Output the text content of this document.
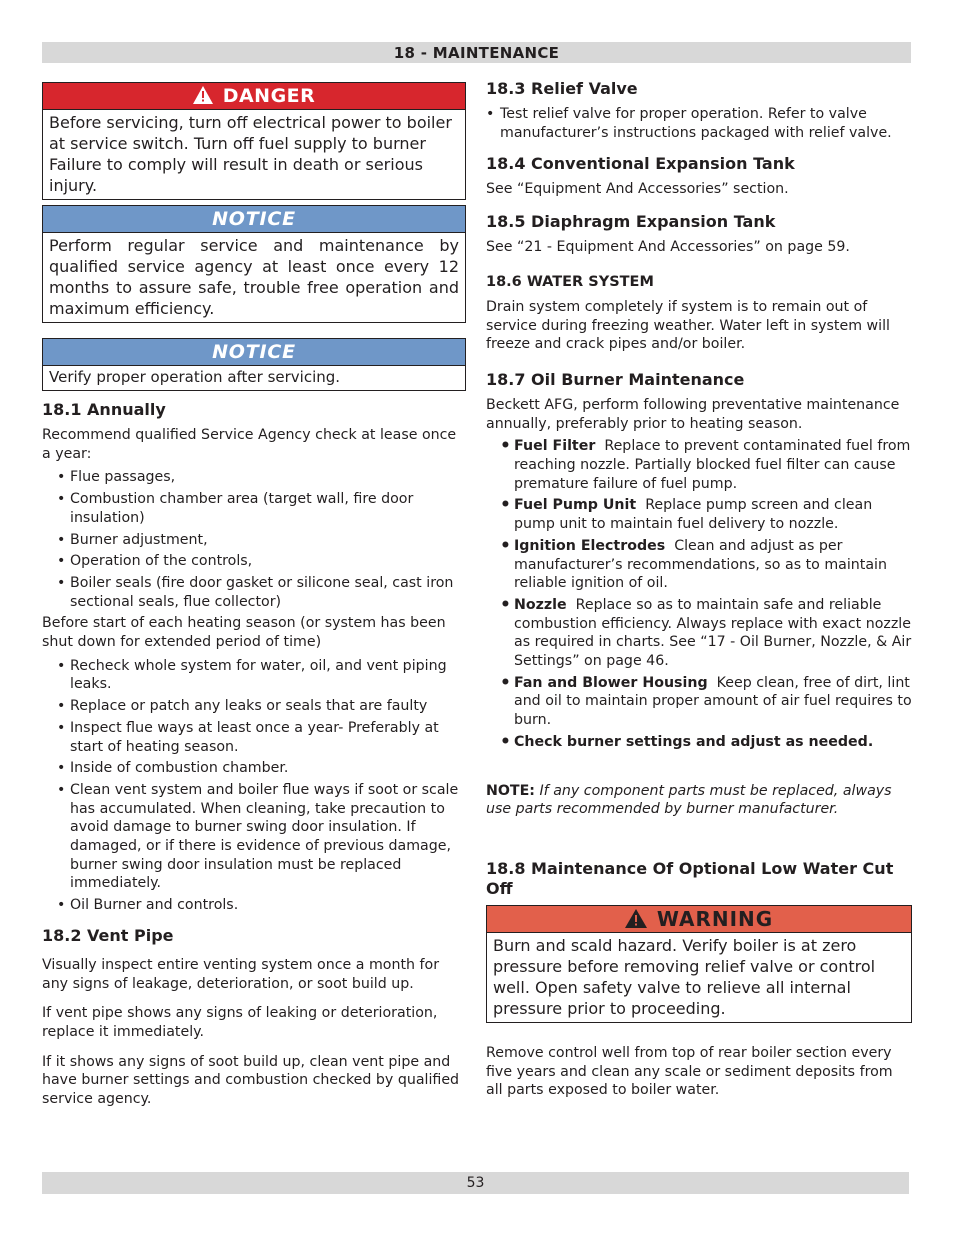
18 - MAINTENANCE
DANGER
Before servicing, turn off electrical power to boiler at service switch. Turn off fuel supply to burner Failure to comply will result in death or serious injury.
NOTICE
Perform regular service and maintenance by qualified service agency at least once every 12 months to assure safe, trouble free operation and maximum efficiency.
NOTICE
Verify proper operation after servicing.
18.1 Annually

Recommend qualified Service Agency check at lease once a year:

• Flue passages,
• Combustion chamber area (target wall, fire door insulation)
• Burner adjustment,
• Operation of the controls,
• Boiler seals (fire door gasket or silicone seal, cast iron sectional seals, flue collector)

Before start of each heating season (or system has been shut down for extended period of time)

• Recheck whole system for water, oil, and vent piping leaks.
• Replace or patch any leaks or seals that are faulty
• Inspect flue ways at least once a year- Preferably at start of heating season.
• Inside of combustion chamber.
• Clean vent system and boiler flue ways if soot or scale has accumulated. When cleaning, take precaution to avoid damage to burner swing door insulation. If damaged, or if there is evidence of previous damage, burner swing door insulation must be replaced immediately.
• Oil Burner and controls.
18.2 Vent Pipe

Visually inspect entire venting system once a month for any signs of leakage, deterioration, or soot build up.

If vent pipe shows any signs of leaking or deterioration, replace it immediately.

If it shows any signs of soot build up, clean vent pipe and have burner settings and combustion checked by qualified service agency.

18.3 Relief Valve
• Test relief valve for proper operation. Refer to valve manufacturer’s instructions packaged with relief valve.
18.4 Conventional Expansion Tank

See “Equipment And Accessories” section.

18.5 Diaphragm Expansion Tank

See “21 - Equipment And Accessories” on page 59.

18.6 WATER SYSTEM

Drain system completely if system is to remain out of service during freezing weather. Water left in system will freeze and crack pipes and/or boiler.

18.7 Oil Burner Maintenance

Beckett AFG, perform following preventative maintenance annually, preferably prior to heating season.

• Fuel Filter Replace to prevent contaminated fuel from reaching nozzle. Partially blocked fuel filter can cause premature failure of fuel pump.
• Fuel Pump Unit Replace pump screen and clean pump unit to maintain fuel delivery to nozzle.
• Ignition Electrodes Clean and adjust as per manufacturer’s recommendations, so as to maintain reliable ignition of oil.
• Nozzle Replace so as to maintain safe and reliable combustion efficiency. Always replace with exact nozzle as required in charts. See “17 - Oil Burner, Nozzle, & Air Settings” on page 46.
• Fan and Blower Housing Keep clean, free of dirt, lint and oil to maintain proper amount of air fuel requires to burn.
• Check burner settings and adjust as needed.

NOTE: If any component parts must be replaced, always use parts recommended by burner manufacturer.

18.8 Maintenance Of Optional Low Water Cut Off
WARNING
Burn and scald hazard. Verify boiler is at zero pressure before removing relief valve or control well. Open safety valve to relieve all internal pressure prior to proceeding.

Remove control well from top of rear boiler section every five years and clean any scale or sediment deposits from all parts exposed to boiler water.

53
